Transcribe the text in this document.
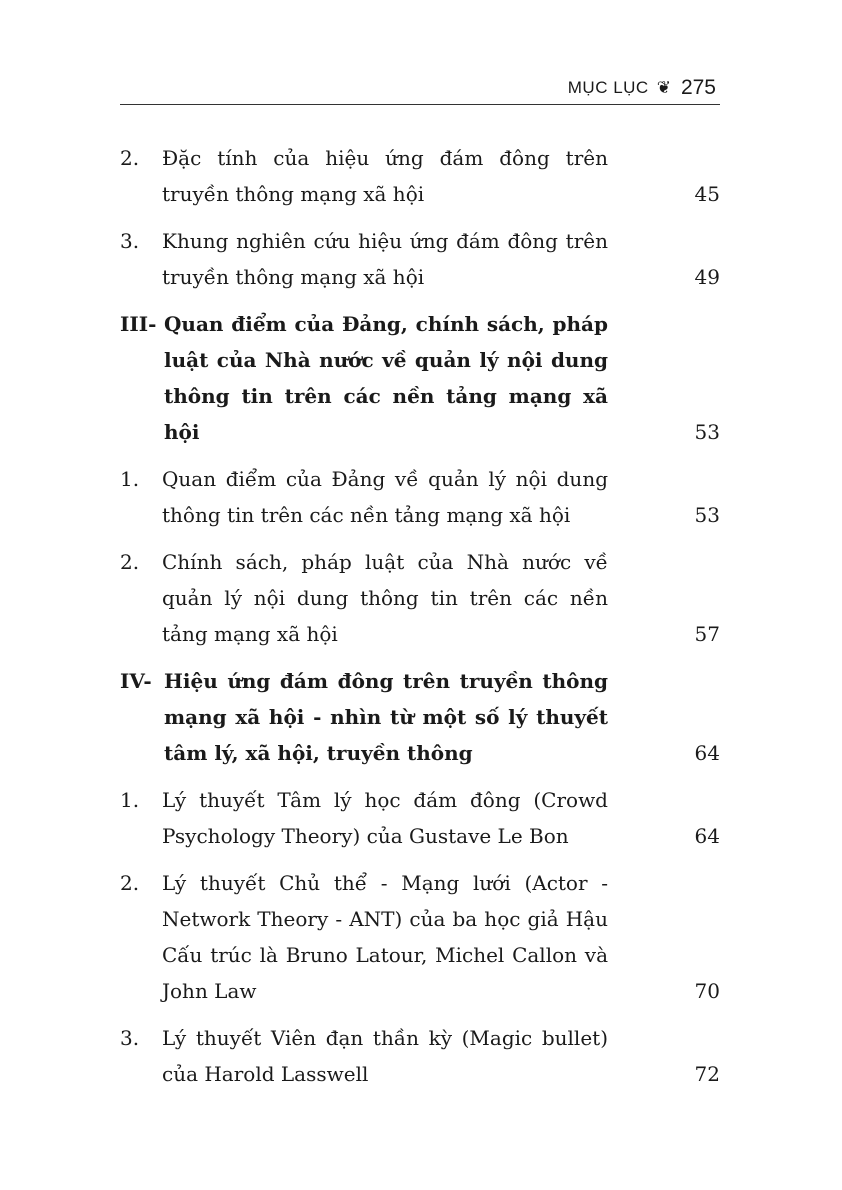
MỤC LỤC ❦ 275
2.	Đặc tính của hiệu ứng đám đông trên truyền thông mạng xã hội	45
3.	Khung nghiên cứu hiệu ứng đám đông trên truyền thông mạng xã hội	49
III- Quan điểm của Đảng, chính sách, pháp luật của Nhà nước về quản lý nội dung thông tin trên các nền tảng mạng xã hội	53
1.	Quan điểm của Đảng về quản lý nội dung thông tin trên các nền tảng mạng xã hội	53
2.	Chính sách, pháp luật của Nhà nước về quản lý nội dung thông tin trên các nền tảng mạng xã hội	57
IV- Hiệu ứng đám đông trên truyền thông mạng xã hội - nhìn từ một số lý thuyết tâm lý, xã hội, truyền thông	64
1.	Lý thuyết Tâm lý học đám đông (Crowd Psychology Theory) của Gustave Le Bon	64
2.	Lý thuyết Chủ thể - Mạng lưới (Actor - Network Theory - ANT) của ba học giả Hậu Cấu trúc là Bruno Latour, Michel Callon và John Law	70
3.	Lý thuyết Viên đạn thần kỳ (Magic bullet) của Harold Lasswell	72
